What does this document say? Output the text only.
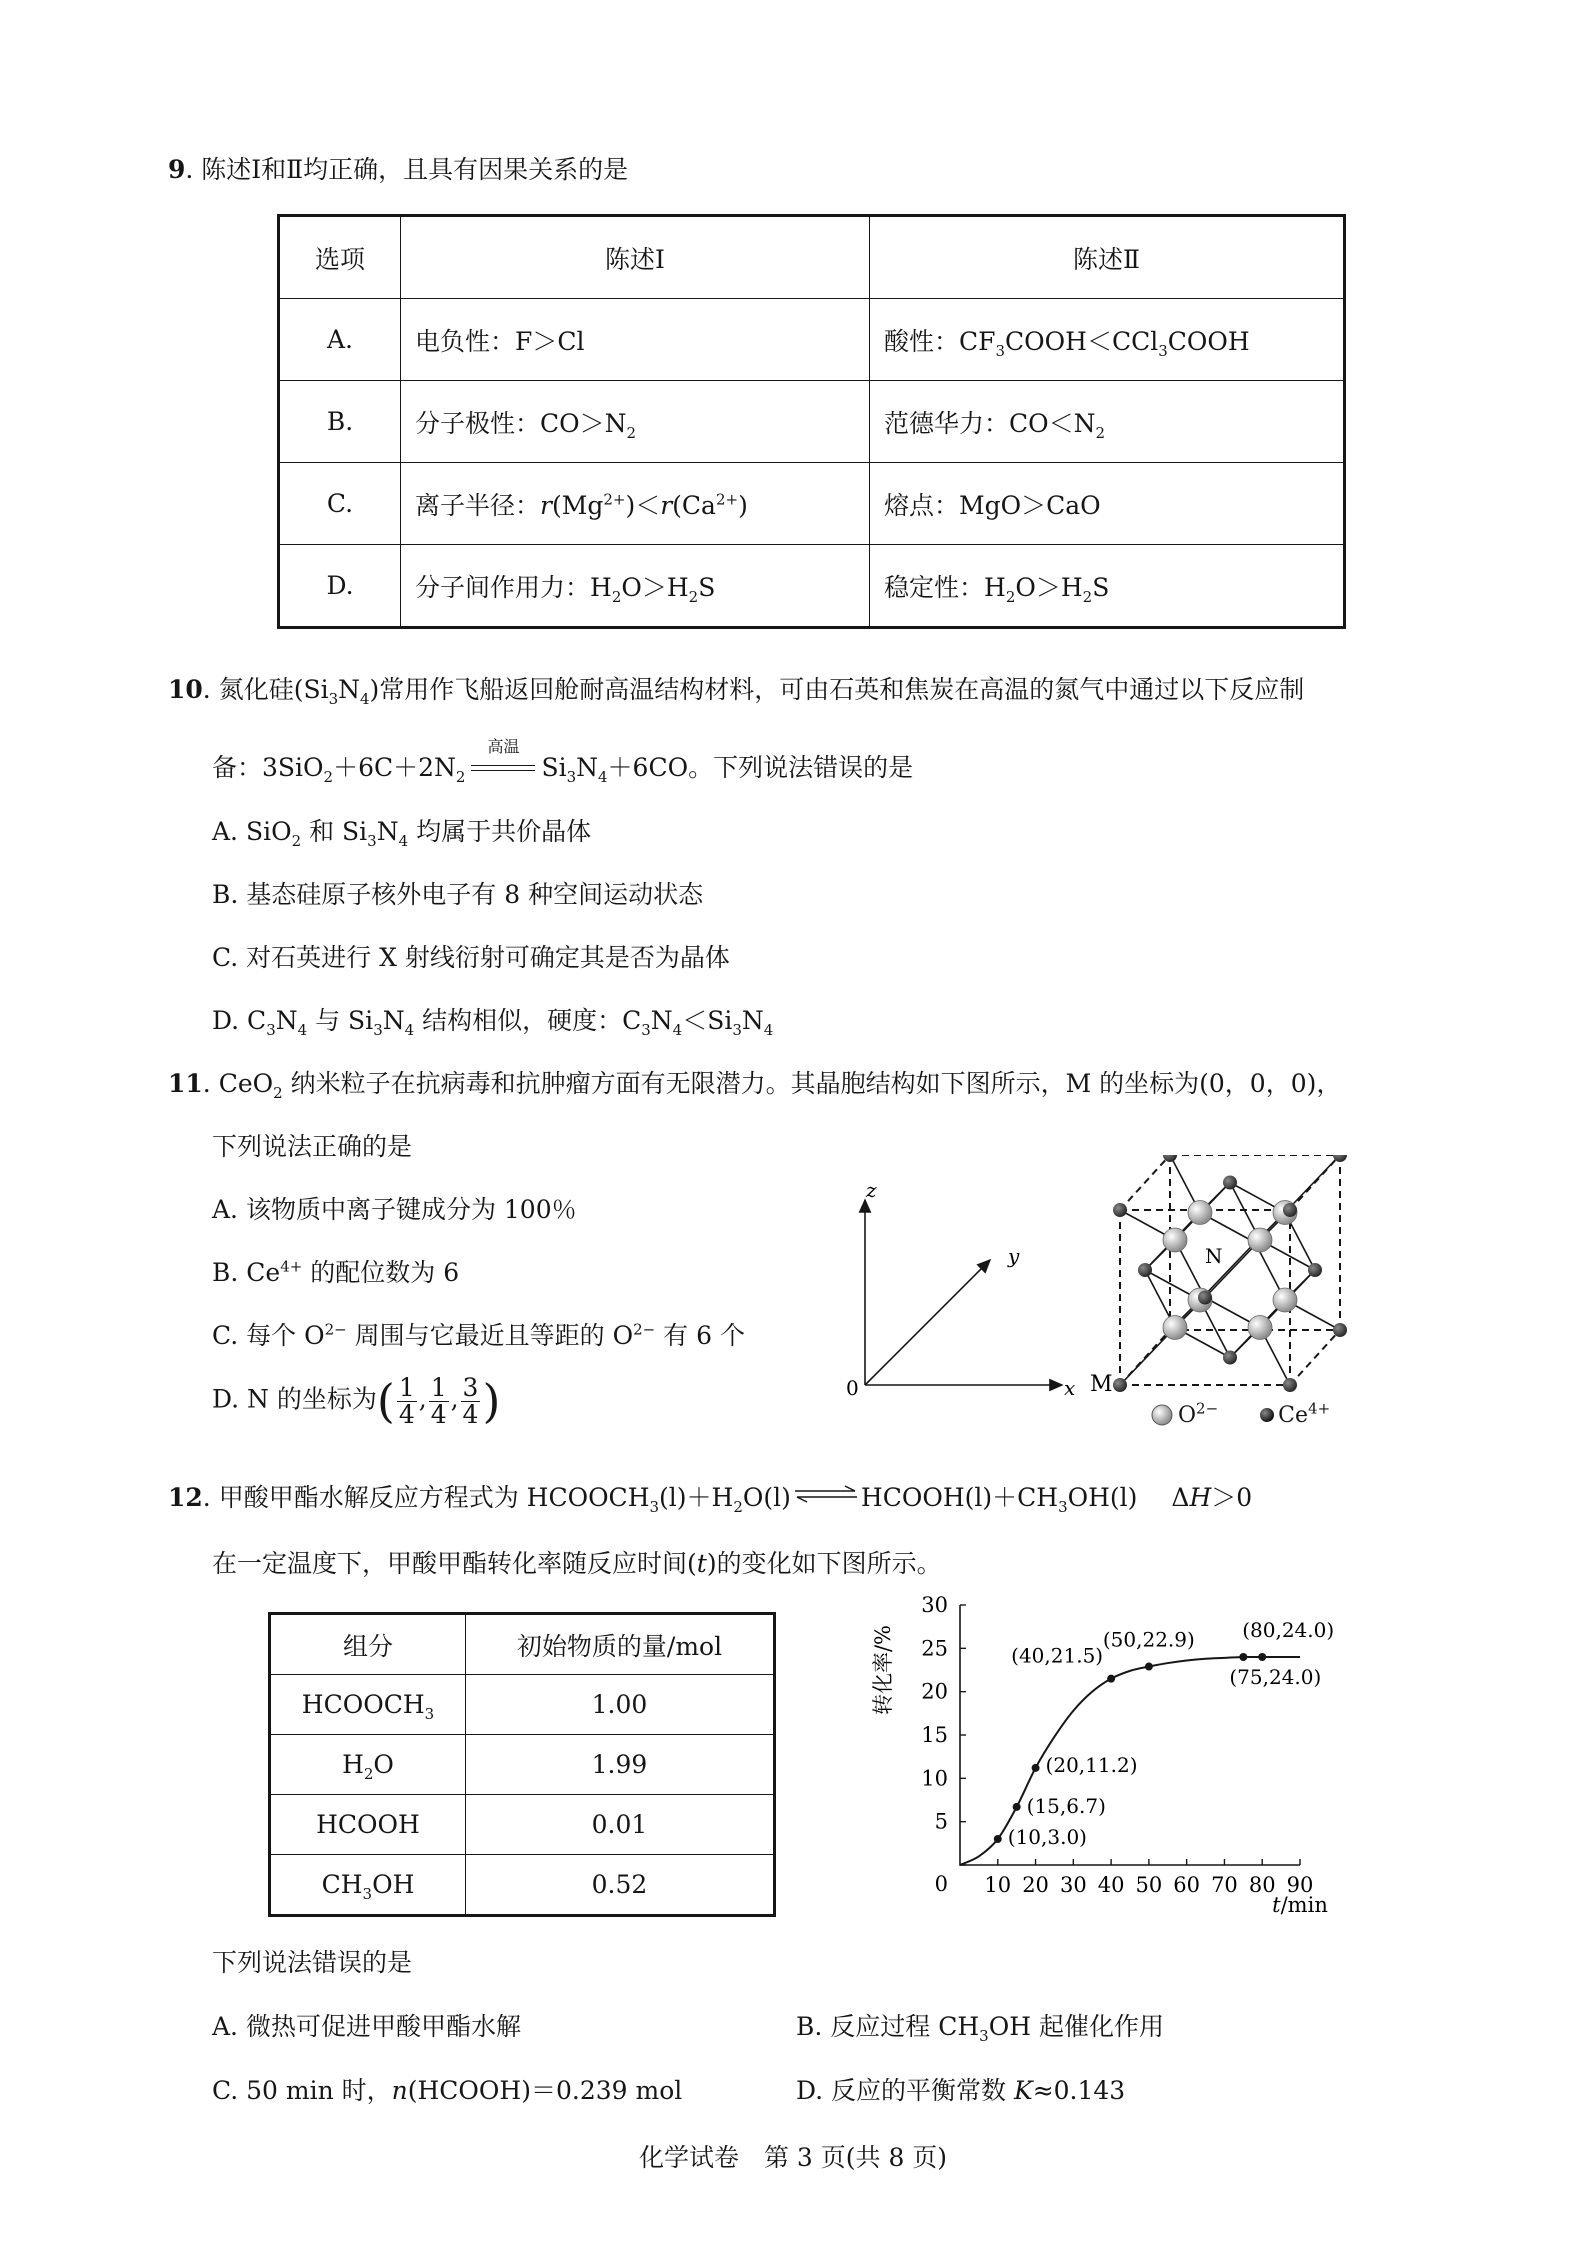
9. 陈述Ⅰ和Ⅱ均正确，且具有因果关系的是
选项	陈述Ⅰ	陈述Ⅱ
A.	电负性：F＞Cl	酸性：$CF_3COOH<CCl_3COOH$
B.	分子极性：$CO>N_2$	范德华力：$CO<N_2$
C.	离子半径：$r(Mg^{2+})<r(Ca^{2+})$	熔点：MgO＞CaO
D.	分子间作用力：$H_2O>H_2S$	稳定性：$H_2O>H_2S$
10. 氮化硅$(Si_3N_4)$常用作飞船返回舱耐高温结构材料，可由石英和焦炭在高温的氮气中通过以下反应制
备：$3SiO_2+6C+2N_2$
高温
$Si_3N_4+6CO$。下列说法错误的是
A. SiO$_2$ 和 $Si_3N_4$ 均属于共价晶体
B. 基态硅原子核外电子有 8 种空间运动状态
C. 对石英进行 X 射线衍射可确定其是否为晶体
D. $C_3N_4$ 与 $Si_3N_4$ 结构相似，硬度：$C_3N_4<Si_3N_4$
11. CeO$_2$ 纳米粒子在抗病毒和抗肿瘤方面有无限潜力。其晶胞结构如下图所示，M 的坐标为(0，0，0)，
下列说法正确的是
A. 该物质中离子键成分为 100％
B. $Ce^{4+}$ 的配位数为 6
C. 每个 $O^{2-}$ 周围与它最近且等距的 $O^{2-}$ 有 6 个
D. N 的坐标为( $\frac{1}{4}$ , $\frac{1}{4}$ , $\frac{3}{4}$ )
z
y
x
0	M
N
$O^{2-}$	$Ce^{4+}$
12. 甲酸甲酯水解反应方程式为 $HCOOCH_3(l)+H_2O(l)$ ⇌ $HCOOH(l)+CH_3OH(l)$ ΔH＞0
在一定温度下，甲酸甲酯转化率随反应时间(t)的变化如下图所示。
组分	初始物质的量/mol
$HCOOCH_3$	1.00
$H_2O$	1.99
HCOOH	0.01
$CH_3OH$	0.52	0
5
10
15
20
25
30
10 20 30 40 50 60 70 80 90
(10,3.0)
(15,6.7)
(20,11.2)
(40,21.5)
(50,22.9)
(75,24.0)
(80,24.0)
转化率/%
t/min
下列说法错误的是
A. 微热可促进甲酸甲酯水解	B. 反应过程 $CH_3OH$ 起催化作用
C. 50 min 时，n(HCOOH)＝0.239 mol	D. 反应的平衡常数 K≈0.143
化学试卷　第 3 页(共 8 页)
